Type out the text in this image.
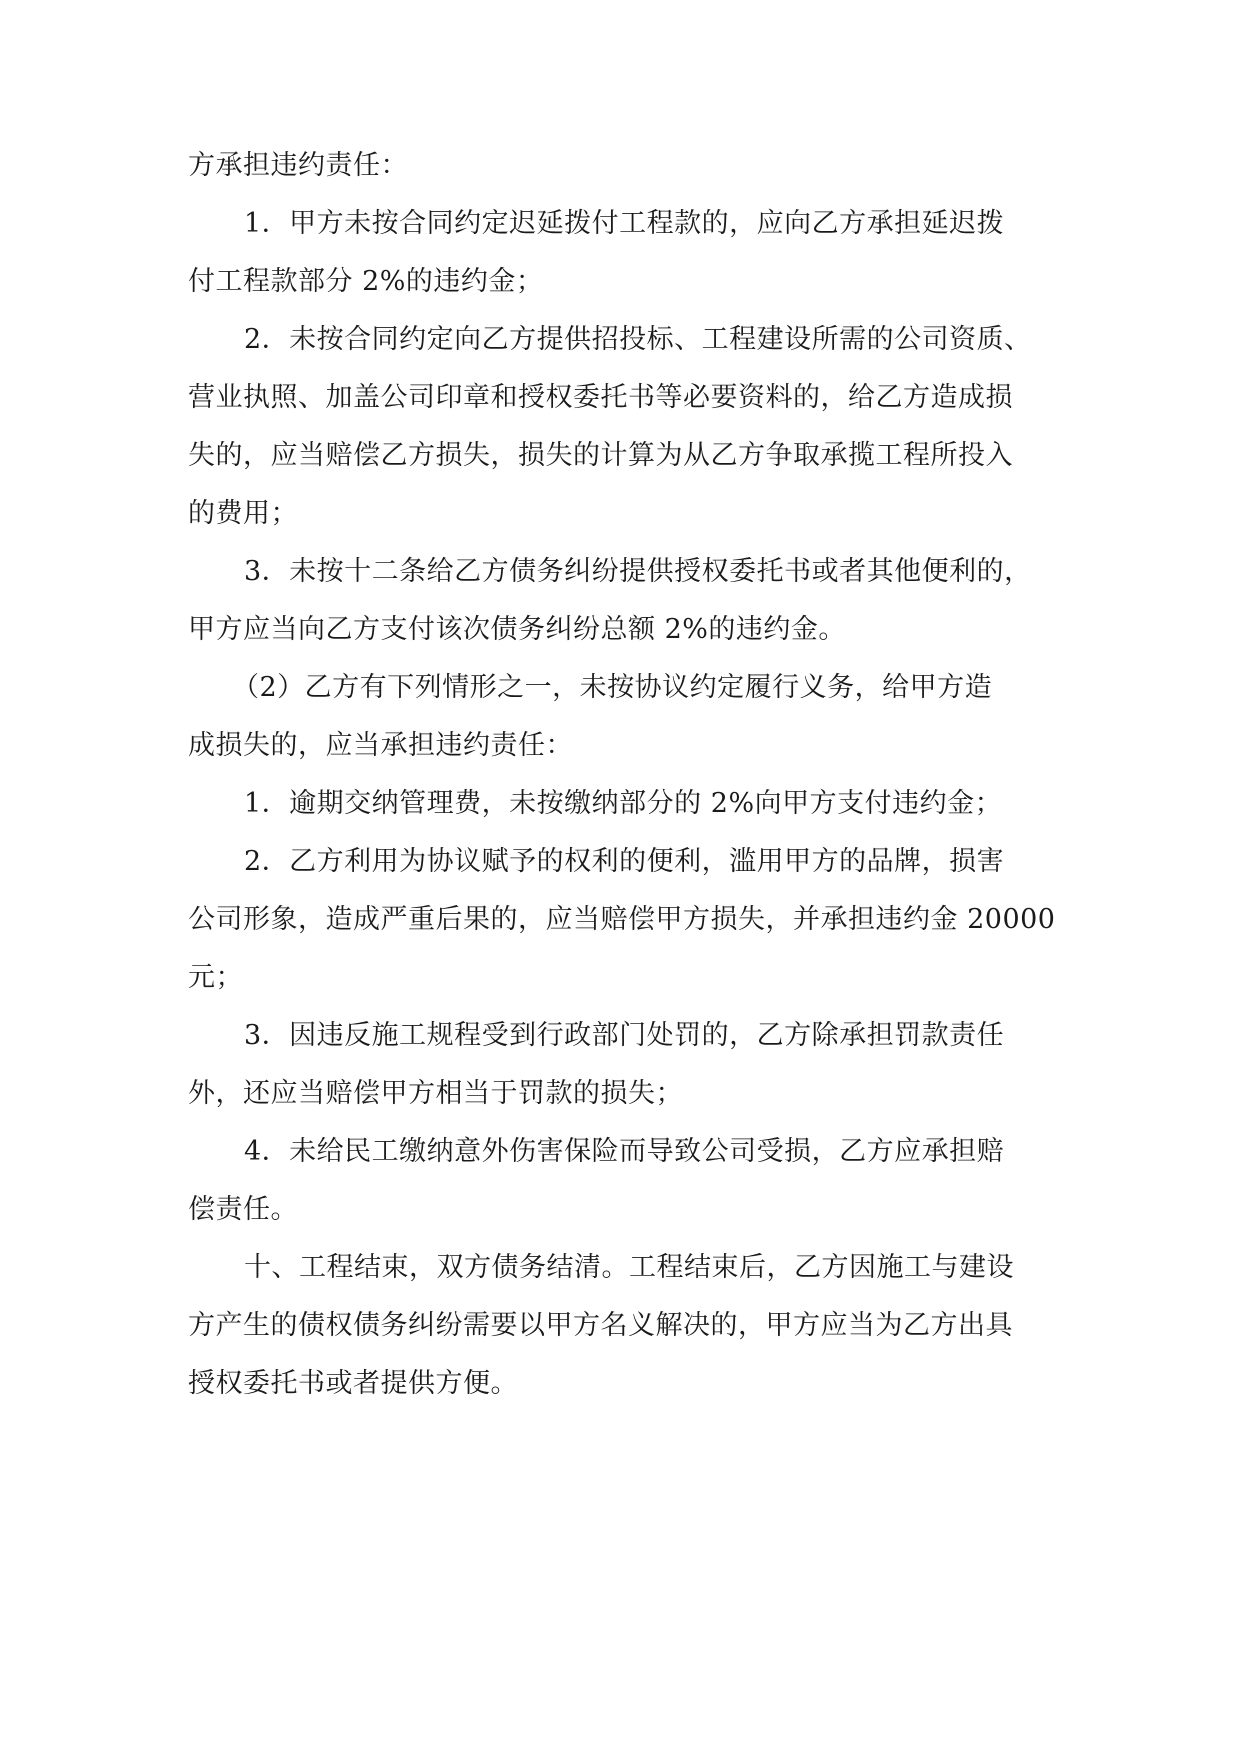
方承担违约责任：
1．甲方未按合同约定迟延拨付工程款的，应向乙方承担延迟拨
付工程款部分 2%的违约金；
2．未按合同约定向乙方提供招投标、工程建设所需的公司资质、
营业执照、加盖公司印章和授权委托书等必要资料的，给乙方造成损
失的，应当赔偿乙方损失，损失的计算为从乙方争取承揽工程所投入
的费用；
3．未按十二条给乙方债务纠纷提供授权委托书或者其他便利的，
甲方应当向乙方支付该次债务纠纷总额 2%的违约金。
（2）乙方有下列情形之一，未按协议约定履行义务，给甲方造
成损失的，应当承担违约责任：
1．逾期交纳管理费，未按缴纳部分的 2%向甲方支付违约金；
2．乙方利用为协议赋予的权利的便利，滥用甲方的品牌，损害
公司形象，造成严重后果的，应当赔偿甲方损失，并承担违约金 20000
元；
3．因违反施工规程受到行政部门处罚的，乙方除承担罚款责任
外，还应当赔偿甲方相当于罚款的损失；
4．未给民工缴纳意外伤害保险而导致公司受损，乙方应承担赔
偿责任。
十、工程结束，双方债务结清。工程结束后，乙方因施工与建设
方产生的债权债务纠纷需要以甲方名义解决的，甲方应当为乙方出具
授权委托书或者提供方便。
